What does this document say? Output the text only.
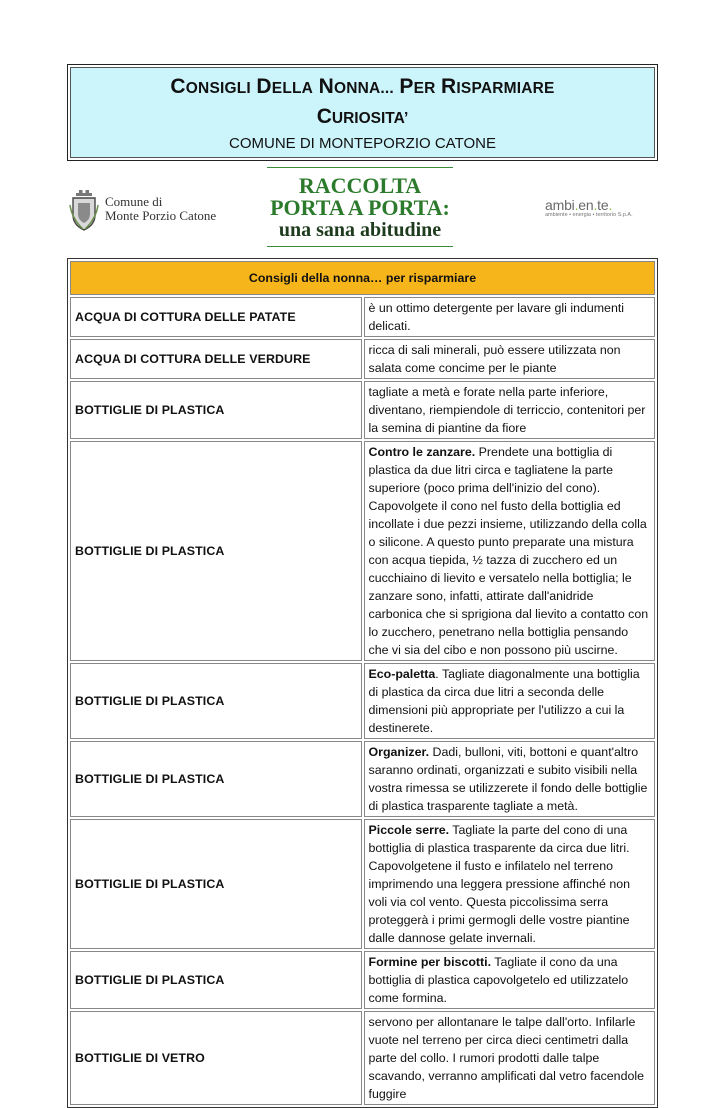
CONSIGLI DELLA NONNA... PER RISPARMIARE
CURIOSITA’
COMUNE DI MONTEPORZIO CATONE
Comune di
Monte Porzio Catone
RACCOLTA
PORTA A PORTA:
una sana abitudine
ambi.en.te.
ambiente • energia • territorio S.p.A.
Consigli della nonna… per risparmiare	
ACQUA DI COTTURA DELLE PATATE	è un ottimo detergente per lavare gli indumenti delicati.
ACQUA DI COTTURA DELLE VERDURE	ricca di sali minerali, può essere utilizzata non salata come concime per le piante
BOTTIGLIE DI PLASTICA	tagliate a metà e forate nella parte inferiore, diventano, riempiendole di terriccio, contenitori per la semina di piantine da fiore
BOTTIGLIE DI PLASTICA	Contro le zanzare. Prendete una bottiglia di plastica da due litri circa e tagliatene la parte superiore (poco prima dell'inizio del cono). Capovolgete il cono nel fusto della bottiglia ed incollate i due pezzi insieme, utilizzando della colla o silicone. A questo punto preparate una mistura con acqua tiepida, ½ tazza di zucchero ed un cucchiaino di lievito e versatelo nella bottiglia; le zanzare sono, infatti, attirate dall'anidride carbonica che si sprigiona dal lievito a contatto con lo zucchero, penetrano nella bottiglia pensando che vi sia del cibo e non possono più uscirne.
BOTTIGLIE DI PLASTICA	Eco-paletta. Tagliate diagonalmente una bottiglia di plastica da circa due litri a seconda delle dimensioni più appropriate per l'utilizzo a cui la destinerete.
BOTTIGLIE DI PLASTICA	Organizer. Dadi, bulloni, viti, bottoni e quant'altro saranno ordinati, organizzati e subito visibili nella vostra rimessa se utilizzerete il fondo delle bottiglie di plastica trasparente tagliate a metà.
BOTTIGLIE DI PLASTICA	Piccole serre. Tagliate la parte del cono di una bottiglia di plastica trasparente da circa due litri. Capovolgetene il fusto e infilatelo nel terreno imprimendo una leggera pressione affinché non voli via col vento. Questa piccolissima serra proteggerà i primi germogli delle vostre piantine dalle dannose gelate invernali.
BOTTIGLIE DI PLASTICA	Formine per biscotti. Tagliate il cono da una bottiglia di plastica capovolgetelo ed utilizzatelo come formina.
BOTTIGLIE DI VETRO	servono per allontanare le talpe dall'orto. Infilarle vuote nel terreno per circa dieci centimetri dalla parte del collo. I rumori prodotti dalle talpe scavando, verranno amplificati dal vetro facendole fuggire
